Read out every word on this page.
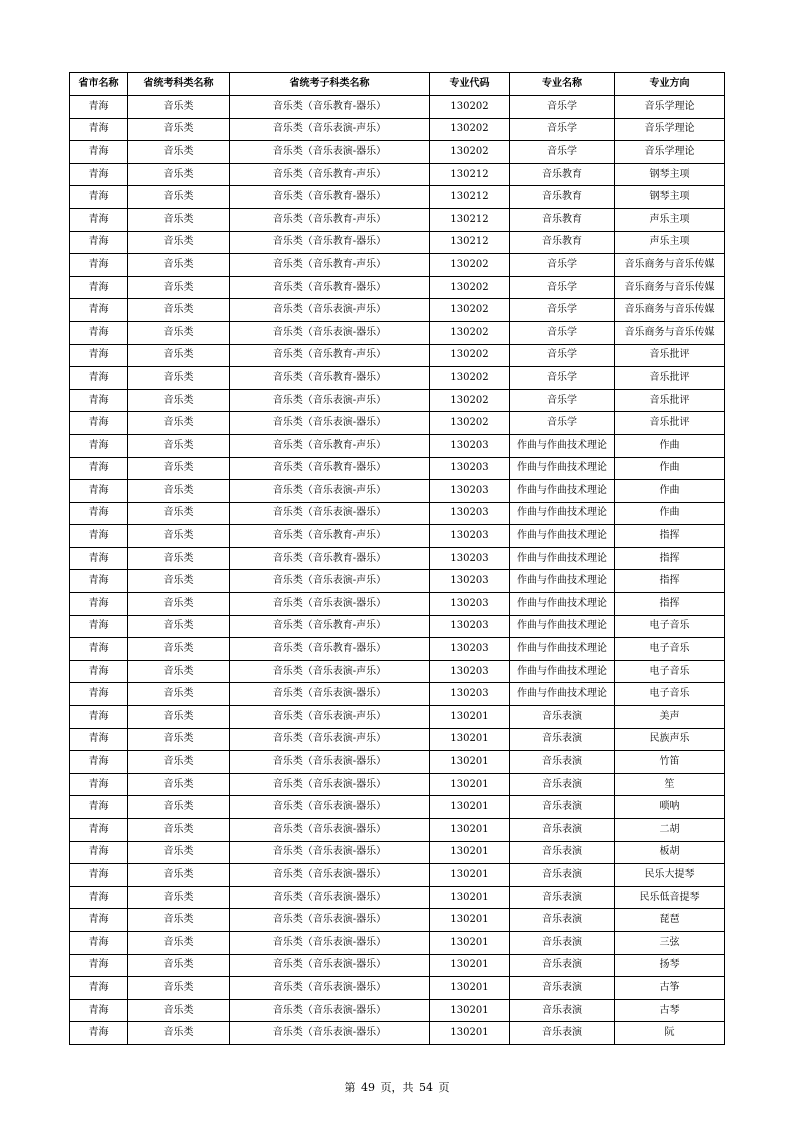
省市名称	省统考科类名称	省统考子科类名称	专业代码	专业名称	专业方向
青海	音乐类	音乐类（音乐教育-器乐）	130202	音乐学	音乐学理论
青海	音乐类	音乐类（音乐表演-声乐）	130202	音乐学	音乐学理论
青海	音乐类	音乐类（音乐表演-器乐）	130202	音乐学	音乐学理论
青海	音乐类	音乐类（音乐教育-声乐）	130212	音乐教育	钢琴主项
青海	音乐类	音乐类（音乐教育-器乐）	130212	音乐教育	钢琴主项
青海	音乐类	音乐类（音乐教育-声乐）	130212	音乐教育	声乐主项
青海	音乐类	音乐类（音乐教育-器乐）	130212	音乐教育	声乐主项
青海	音乐类	音乐类（音乐教育-声乐）	130202	音乐学	音乐商务与音乐传媒
青海	音乐类	音乐类（音乐教育-器乐）	130202	音乐学	音乐商务与音乐传媒
青海	音乐类	音乐类（音乐表演-声乐）	130202	音乐学	音乐商务与音乐传媒
青海	音乐类	音乐类（音乐表演-器乐）	130202	音乐学	音乐商务与音乐传媒
青海	音乐类	音乐类（音乐教育-声乐）	130202	音乐学	音乐批评
青海	音乐类	音乐类（音乐教育-器乐）	130202	音乐学	音乐批评
青海	音乐类	音乐类（音乐表演-声乐）	130202	音乐学	音乐批评
青海	音乐类	音乐类（音乐表演-器乐）	130202	音乐学	音乐批评
青海	音乐类	音乐类（音乐教育-声乐）	130203	作曲与作曲技术理论	作曲
青海	音乐类	音乐类（音乐教育-器乐）	130203	作曲与作曲技术理论	作曲
青海	音乐类	音乐类（音乐表演-声乐）	130203	作曲与作曲技术理论	作曲
青海	音乐类	音乐类（音乐表演-器乐）	130203	作曲与作曲技术理论	作曲
青海	音乐类	音乐类（音乐教育-声乐）	130203	作曲与作曲技术理论	指挥
青海	音乐类	音乐类（音乐教育-器乐）	130203	作曲与作曲技术理论	指挥
青海	音乐类	音乐类（音乐表演-声乐）	130203	作曲与作曲技术理论	指挥
青海	音乐类	音乐类（音乐表演-器乐）	130203	作曲与作曲技术理论	指挥
青海	音乐类	音乐类（音乐教育-声乐）	130203	作曲与作曲技术理论	电子音乐
青海	音乐类	音乐类（音乐教育-器乐）	130203	作曲与作曲技术理论	电子音乐
青海	音乐类	音乐类（音乐表演-声乐）	130203	作曲与作曲技术理论	电子音乐
青海	音乐类	音乐类（音乐表演-器乐）	130203	作曲与作曲技术理论	电子音乐
青海	音乐类	音乐类（音乐表演-声乐）	130201	音乐表演	美声
青海	音乐类	音乐类（音乐表演-声乐）	130201	音乐表演	民族声乐
青海	音乐类	音乐类（音乐表演-器乐）	130201	音乐表演	竹笛
青海	音乐类	音乐类（音乐表演-器乐）	130201	音乐表演	笙
青海	音乐类	音乐类（音乐表演-器乐）	130201	音乐表演	唢呐
青海	音乐类	音乐类（音乐表演-器乐）	130201	音乐表演	二胡
青海	音乐类	音乐类（音乐表演-器乐）	130201	音乐表演	板胡
青海	音乐类	音乐类（音乐表演-器乐）	130201	音乐表演	民乐大提琴
青海	音乐类	音乐类（音乐表演-器乐）	130201	音乐表演	民乐低音提琴
青海	音乐类	音乐类（音乐表演-器乐）	130201	音乐表演	琵琶
青海	音乐类	音乐类（音乐表演-器乐）	130201	音乐表演	三弦
青海	音乐类	音乐类（音乐表演-器乐）	130201	音乐表演	扬琴
青海	音乐类	音乐类（音乐表演-器乐）	130201	音乐表演	古筝
青海	音乐类	音乐类（音乐表演-器乐）	130201	音乐表演	古琴
青海	音乐类	音乐类（音乐表演-器乐）	130201	音乐表演	阮
第 49 页，共 54 页
